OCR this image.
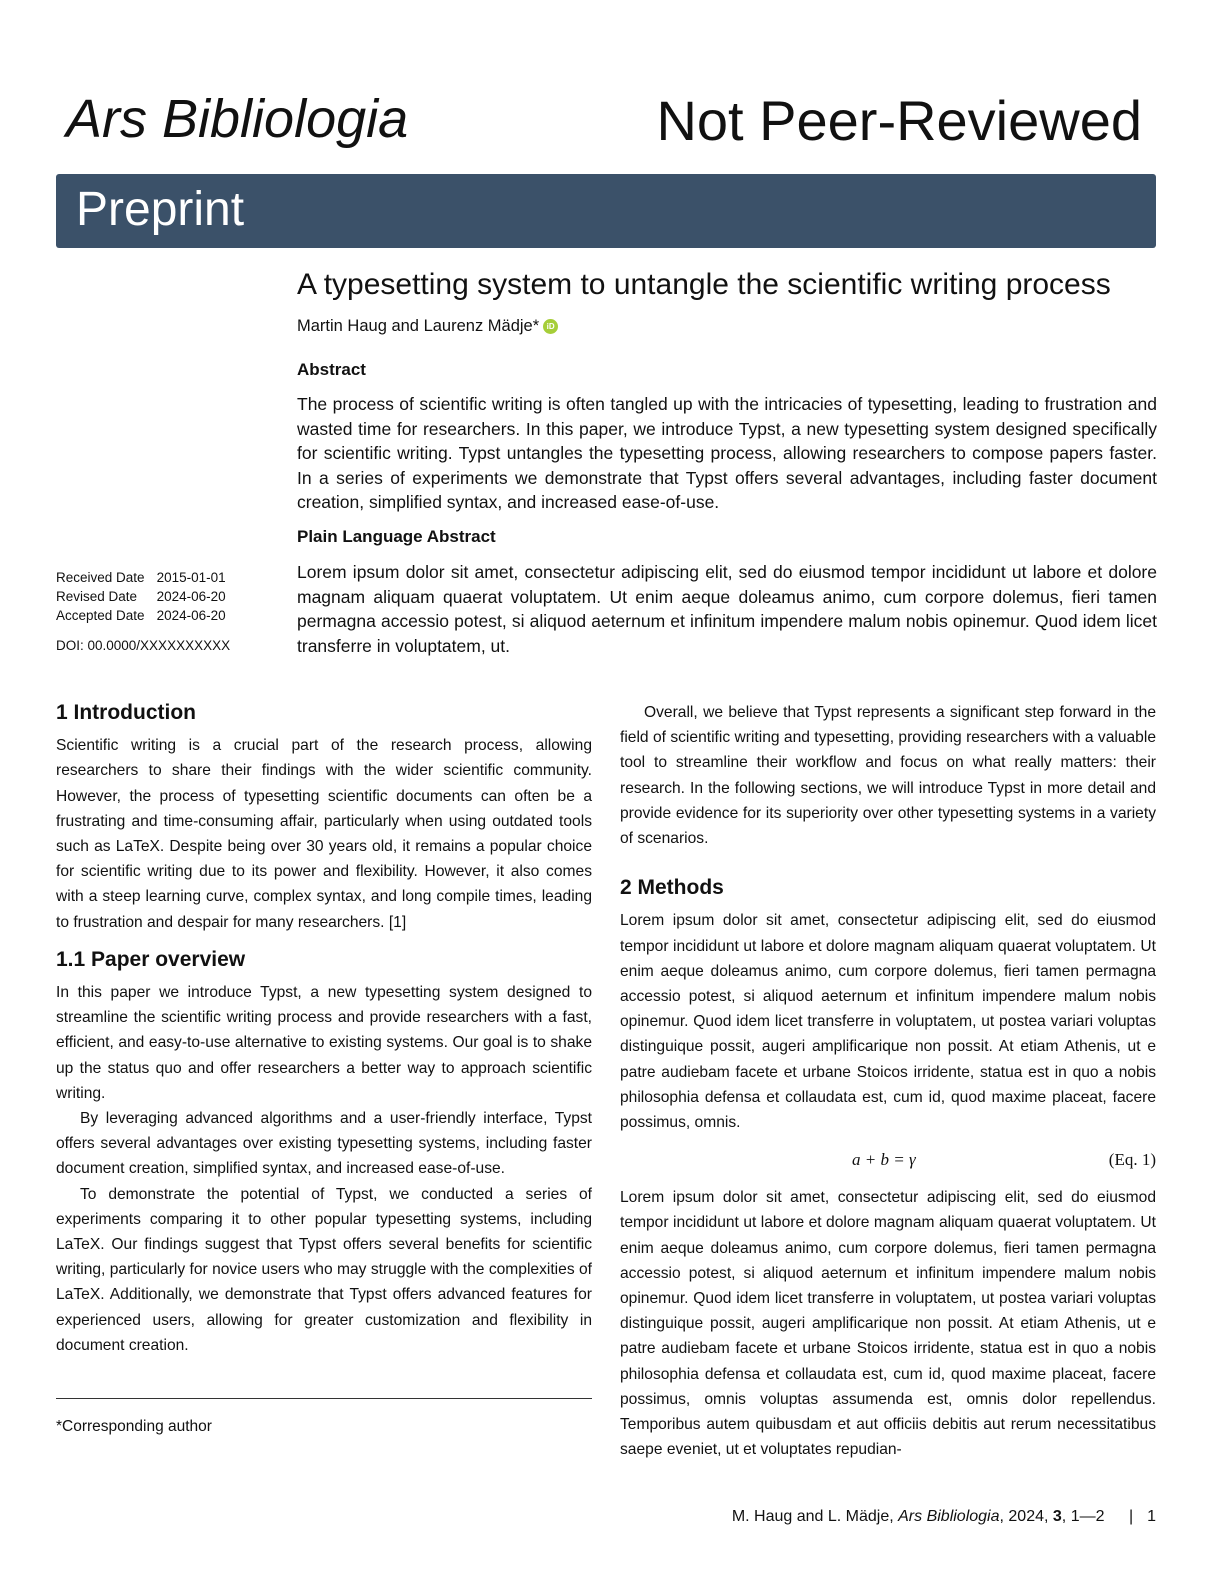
Ars Bibliologia	Not Peer-Reviewed
Preprint
A typesetting system to untangle the scientific writing process
Martin Haug and Laurenz Mädje* iD
Abstract
The process of scientific writing is often tangled up with the intricacies of typesetting, leading to frustration and wasted time for researchers. In this paper, we introduce Typst, a new typesetting system designed specifically for scientific writing. Typst untangles the typesetting process, allowing researchers to compose papers faster. In a series of experiments we demonstrate that Typst offers several advantages, including faster document creation, simplified syntax, and increased ease-of-use.
Plain Language Abstract
Lorem ipsum dolor sit amet, consectetur adipiscing elit, sed do eiusmod tempor incididunt ut labore et dolore magnam aliquam quaerat voluptatem. Ut enim aeque doleamus animo, cum corpore dolemus, fieri tamen permagna accessio potest, si aliquod aeternum et infinitum impendere malum nobis opinemur. Quod idem licet transferre in voluptatem, ut.
Received Date	2015-01-01
Revised Date	2024-06-20
Accepted Date	2024-06-20
DOI: 00.0000/XXXXXXXXXX

1 Introduction

Scientific writing is a crucial part of the research process, allowing researchers to share their findings with the wider scientific community. However, the process of typesetting scientific documents can often be a frustrating and time-consuming affair, particularly when using outdated tools such as LaTeX. Despite being over 30 years old, it remains a popular choice for scientific writing due to its power and flexibility. However, it also comes with a steep learning curve, complex syntax, and long compile times, leading to frustration and despair for many researchers. [1]

1.1 Paper overview

In this paper we introduce Typst, a new typesetting system designed to streamline the scientific writing process and provide researchers with a fast, efficient, and easy-to-use alternative to existing systems. Our goal is to shake up the status quo and offer researchers a better way to approach scientific writing.

By leveraging advanced algorithms and a user-friendly interface, Typst offers several advantages over existing typesetting systems, including faster document creation, simplified syntax, and increased ease-of-use.

To demonstrate the potential of Typst, we conducted a series of experiments comparing it to other popular typesetting systems, including LaTeX. Our findings suggest that Typst offers several benefits for scientific writing, particularly for novice users who may struggle with the complexities of LaTeX. Additionally, we demonstrate that Typst offers advanced features for experienced users, allowing for greater customization and flexibility in document creation.

*Corresponding author

Overall, we believe that Typst represents a significant step forward in the field of scientific writing and typesetting, providing researchers with a valuable tool to streamline their workflow and focus on what really matters: their research. In the following sections, we will introduce Typst in more detail and provide evidence for its superiority over other typesetting systems in a variety of scenarios.

2 Methods

Lorem ipsum dolor sit amet, consectetur adipiscing elit, sed do eiusmod tempor incididunt ut labore et dolore magnam aliquam quaerat voluptatem. Ut enim aeque doleamus animo, cum corpore dolemus, fieri tamen permagna accessio potest, si aliquod aeternum et infinitum impendere malum nobis opinemur. Quod idem licet transferre in voluptatem, ut postea variari voluptas distinguique possit, augeri amplificarique non possit. At etiam Athenis, ut e patre audiebam facete et urbane Stoicos irridente, statua est in quo a nobis philosophia defensa et collaudata est, cum id, quod maxime placeat, facere possimus, omnis.

a + b = γ	(Eq. 1)

Lorem ipsum dolor sit amet, consectetur adipiscing elit, sed do eiusmod tempor incididunt ut labore et dolore magnam aliquam quaerat voluptatem. Ut enim aeque doleamus animo, cum corpore dolemus, fieri tamen permagna accessio potest, si aliquod aeternum et infinitum impendere malum nobis opinemur. Quod idem licet transferre in voluptatem, ut postea variari voluptas distinguique possit, augeri amplificarique non possit. At etiam Athenis, ut e patre audiebam facete et urbane Stoicos irridente, statua est in quo a nobis philosophia defensa et collaudata est, cum id, quod maxime placeat, facere possimus, omnis voluptas assumenda est, omnis dolor repellendus. Temporibus autem quibusdam et aut officiis debitis aut rerum necessitatibus saepe eveniet, ut et voluptates repudian-

M. Haug and L. Mädje, Ars Bibliologia, 2024, 3, 1—2 | 1
